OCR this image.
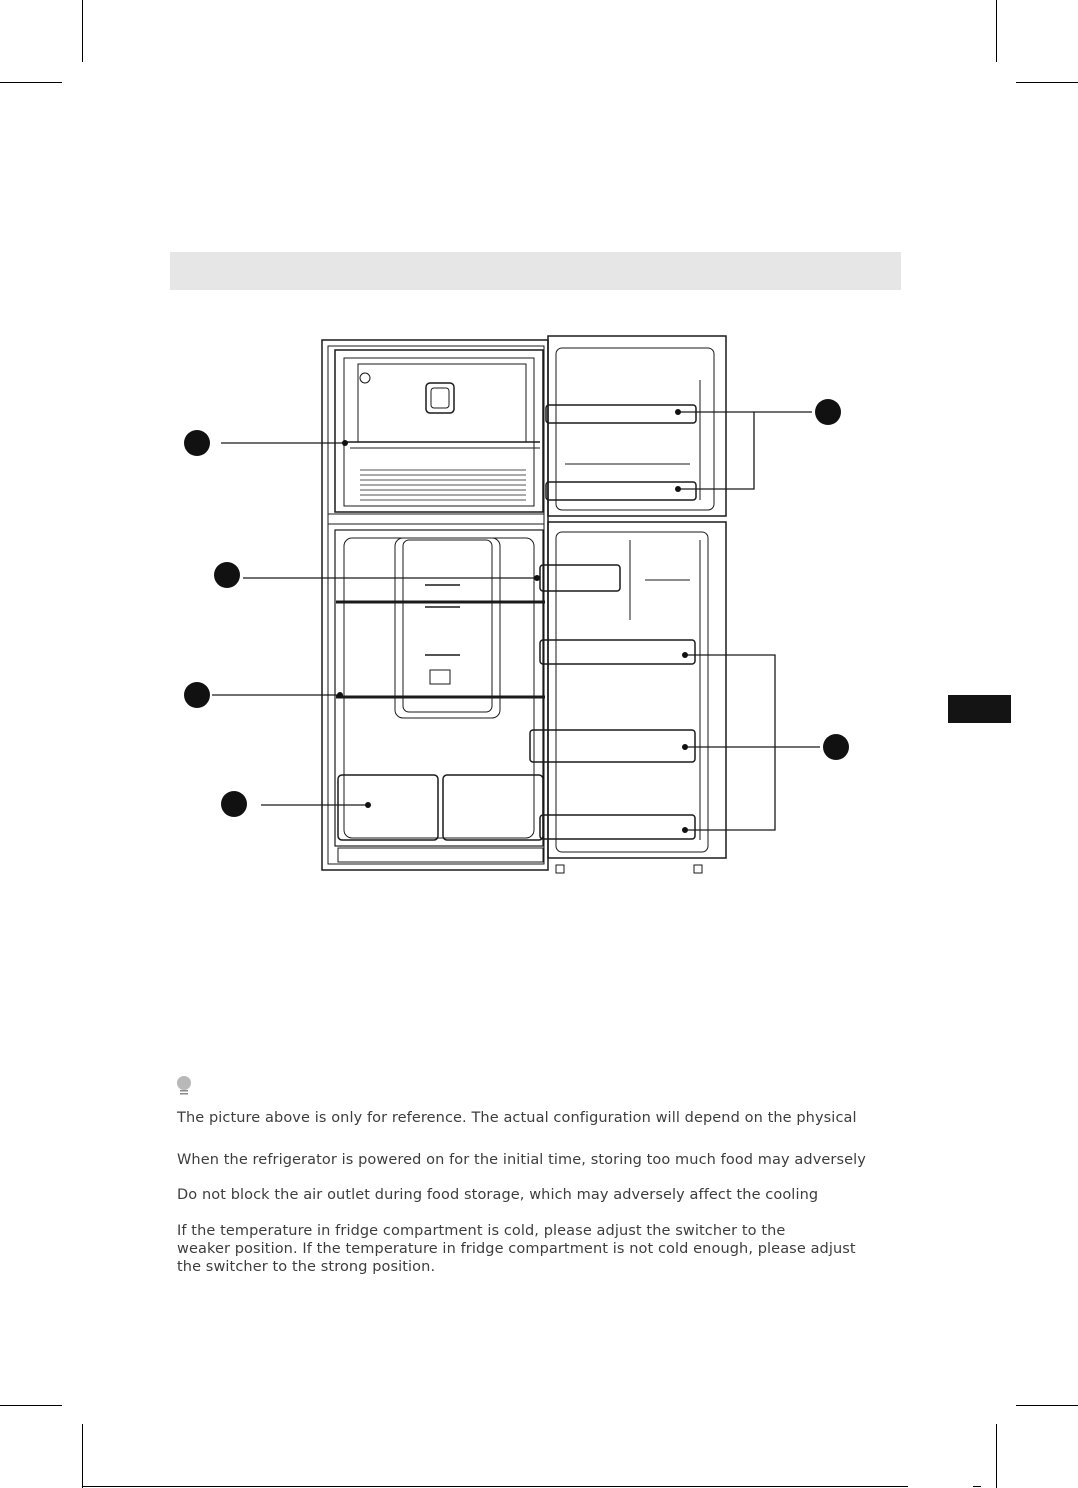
The picture above is only for reference. The actual configuration will depend on the physical
When the refrigerator is powered on for the initial time, storing too much food may adversely
Do not block the air outlet during food storage, which may adversely affect the cooling
If the temperature in fridge compartment is cold, please adjust the switcher to the
weaker position. If the temperature in fridge compartment is not cold enough, please adjust
the switcher to the strong position.
